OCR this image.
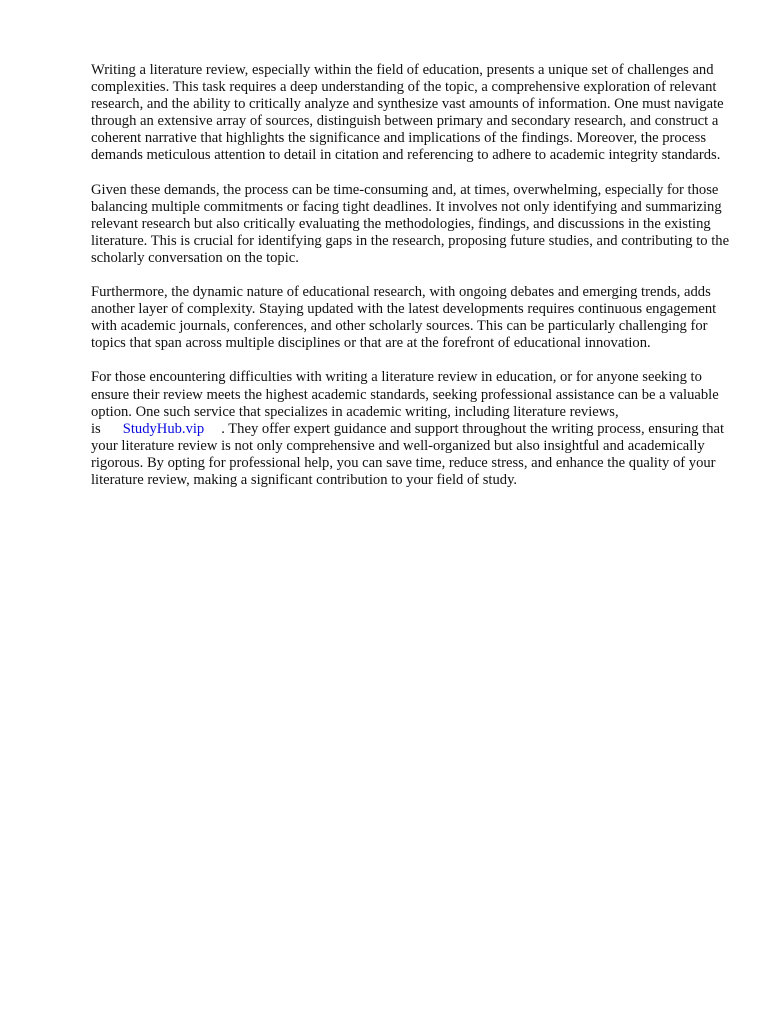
Writing a literature review, especially within the field of education, presents a unique set of challenges and complexities. This task requires a deep understanding of the topic, a comprehensive exploration of relevant research, and the ability to critically analyze and synthesize vast amounts of information. One must navigate through an extensive array of sources, distinguish between primary and secondary research, and construct a coherent narrative that highlights the significance and implications of the findings. Moreover, the process demands meticulous attention to detail in citation and referencing to adhere to academic integrity standards.

Given these demands, the process can be time-consuming and, at times, overwhelming, especially for those balancing multiple commitments or facing tight deadlines. It involves not only identifying and summarizing relevant research but also critically evaluating the methodologies, findings, and discussions in the existing literature. This is crucial for identifying gaps in the research, proposing future studies, and contributing to the scholarly conversation on the topic.

Furthermore, the dynamic nature of educational research, with ongoing debates and emerging trends, adds another layer of complexity. Staying updated with the latest developments requires continuous engagement with academic journals, conferences, and other scholarly sources. This can be particularly challenging for topics that span across multiple disciplines or that are at the forefront of educational innovation.

For those encountering difficulties with writing a literature review in education, or for anyone seeking to ensure their review meets the highest academic standards, seeking professional assistance can be a valuable option. One such service that specializes in academic writing, including literature reviews, is StudyHub.vip . They offer expert guidance and support throughout the writing process, ensuring that your literature review is not only comprehensive and well-organized but also insightful and academically rigorous. By opting for professional help, you can save time, reduce stress, and enhance the quality of your literature review, making a significant contribution to your field of study.
